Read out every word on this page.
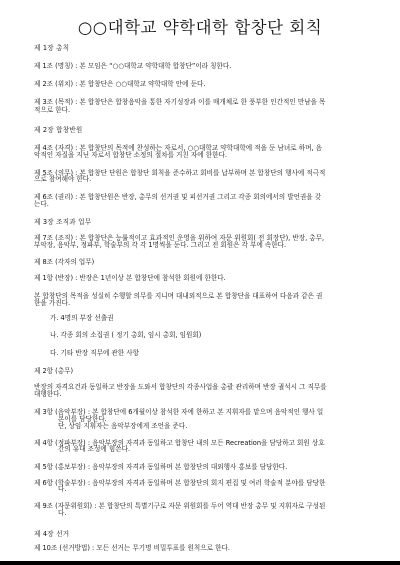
○○대학교 약학대학 합창단 회칙
제 1장 총칙
제 1조 (명칭) : 본 모임은 “○○대학교 약학대학 합창단”이라 칭한다.
제 2조 (위치) : 본 합창단은 ○○대학교 약학대학 안에 둔다.
제 3조 (목적) : 본 합창단은 합창음악을 통한 자기성장과 이를 매개체로 한 풍부한 인간적인 만남을 목
적으로 한다.
제 2장 합창반원
제 4조 (자격) : 본 합창단의 목적에 찬성하는 자로서, ○○대학교 약학대학에 적을 둔 남녀로 하며, 음
악적인 자질을 지닌 자로서 합창단 소정의 절차를 거친 자에 한한다.
제 5조 (의무) : 본 합창단 단원은 합창단 회칙을 준수하고 회비를 납부하며 본 합창단의 행사에 적극적
으로 참여해야 한다.
제 6조 (권리) : 본 합창단원은 반장, 총무의 선거권 및 피선거권 그리고 각종 회의에서의 발언권을 갖
는다.
제 3장 조직과 업무
제 7조 (조직) : 본 합창단은 능률적이고 효과적인 운영을 위하여 자문 위원회( 전 회장단), 반장, 총무,
부악장, 음악부, 정파부, 학술부의 각 각 1명씩을 둔다. 그리고 전 회원은 각 부에 속한다.
제 8조 (각자의 업무)
제 1항 (반장) : 반장은 1년이상 본 합창단에 참석한 회원에 한한다.
본 합창단의 목적을 성실히 수행할 의무를 지니며 대내외적으로 본 합창단을 대표하여 다음과 같은 권
한을 가진다.
가. 4명의 부장 선출권
나. 각종 회의 소집권 ( 정기 총회, 임시 총회, 임원회)
다. 기타 반장 직무에 관한 사항
제 2항 (총무)
반장의 자격요건과 동일하고 반장을 도와서 합창단의 각종사업을 총괄 관리하며 반장 궐석시 그 직무를
대행한다.
제 3항 (음악부장) : 본 합창단에 6개월이상 참석한 자에 한하고 본 지휘자를 맡으며 음악적인 행사 일
본이를 담당한다.
단, 상임 지휘자는 음악부장에게 조언을 준다.
제 4항 (정파부장) : 음악부장의 자격과 동일하고 합창단 내의 모든 Recreation을 담당하고 회원 상호
간의 유대 조성에 힘쓴다.
제 5항 (홍보부장) : 음악부장의 자격과 동일하며 본 합창단의 대외행사 홍보를 담당한다.
제 6항 (학술부장) : 음악부장의 자격과 동일하며 본 합창단의 회지 편집 및 여러 학술적 분야를 담당한
다.
제 9조 (자문위원회) : 본 합창단의 특별기구로 자문 위원회를 두어 역대 반장 총무 및 지휘자로 구성된
다.
제 4장 선거
제 10조 (선거방법) : 모든 선거는 무기명 비밀투표를 원칙으로 한다.
